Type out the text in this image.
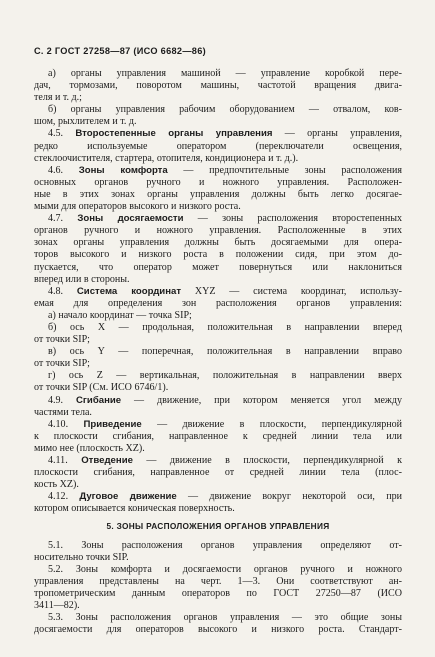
С. 2 ГОСТ 27258—87 (ИСО 6682—86)

а) органы управления машиной — управление коробкой пере-

дач, тормозами, поворотом машины, частотой вращения двига-

теля и т. д.;

б) органы управления рабочим оборудованием — отвалом, ков-

шом, рыхлителем и т. д.

4.5. Второстепенные органы управления — органы управления,

редко используемые оператором (переключатели освещения,

стеклоочистителя, стартера, отопителя, кондиционера и т. д.).

4.6. Зоны комфорта — предпочтительные зоны расположения

основных органов ручного и ножного управления. Расположен-

ные в этих зонах органы управления должны быть легко досягае-

мыми для операторов высокого и низкого роста.

4.7. Зоны досягаемости — зоны расположения второстепенных

органов ручного и ножного управления. Расположенные в этих

зонах органы управления должны быть досягаемыми для опера-

торов высокого и низкого роста в положении сидя, при этом до-

пускается, что оператор может повернуться или наклониться

вперед или в стороны.

4.8. Система координат XYZ — система координат, использу-

емая для определения зон расположения органов управления:

а) начало координат — точка SIP;

б) ось X — продольная, положительная в направлении вперед

от точки SIP;

в) ось Y — поперечная, положительная в направлении вправо

от точки SIP;

г) ось Z — вертикальная, положительная в направлении вверх

от точки SIP (См. ИСО 6746/1).

4.9. Сгибание — движение, при котором меняется угол между

частями тела.

4.10. Приведение — движение в плоскости, перпендикулярной

к плоскости сгибания, направленное к средней линии тела или

мимо нее (плоскость XZ).

4.11. Отведение — движение в плоскости, перпендикулярной к

плоскости сгибания, направленное от средней линии тела (плос-

кость XZ).

4.12. Дуговое движение — движение вокруг некоторой оси, при

котором описывается коническая поверхность.

5. ЗОНЫ РАСПОЛОЖЕНИЯ ОРГАНОВ УПРАВЛЕНИЯ

5.1. Зоны расположения органов управления определяют от-

носительно точки SIP.

5.2. Зоны комфорта и досягаемости органов ручного и ножного

управления представлены на черт. 1—3. Они соответствуют ан-

тропометрическим данным операторов по ГОСТ 27250—87 (ИСО

3411—82).

5.3. Зоны расположения органов управления — это общие зоны

досягаемости для операторов высокого и низкого роста. Стандарт-
